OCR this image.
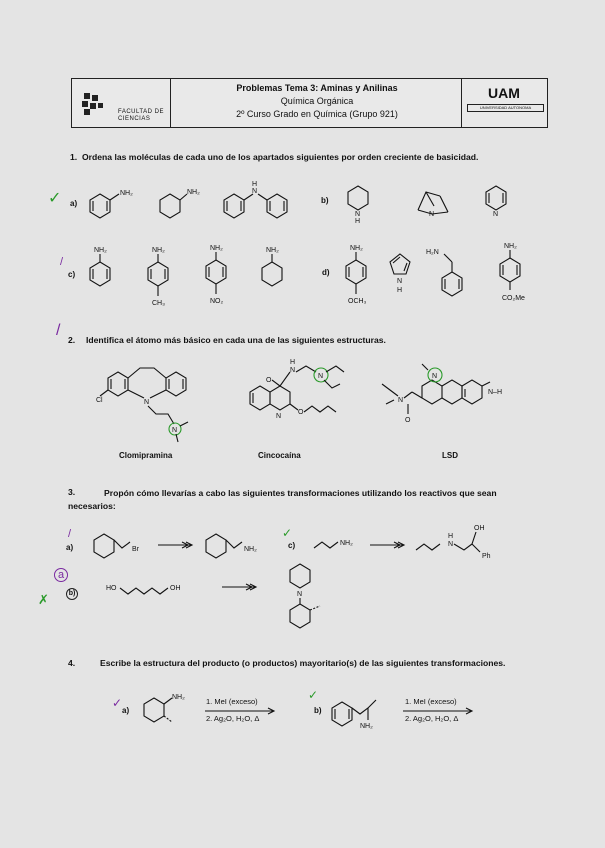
FACULTAD DE
CIENCIAS
Problemas Tema 3: Aminas y Anilinas
Química Orgánica
2º Curso Grado en Química (Grupo 921)
UAM
UNIVERSIDAD AUTONOMA
1. Ordena las moléculas de cada uno de los apartados siguientes por orden creciente de basicidad.
✓ a)	b)
c)	d)
/
NH₂	NH₂
H
N
N
H
N	N
NH₂	NH₂
CH₃
NH₂
NO₂
NH₂	NH₂
OCH₃
N
H
H₂N
NH₂
CO₂Me
/
2. Identifica el átomo más básico en cada una de las siguientes estructuras.
Cl	N
N
Clomipramina
H
N
O
N
N
O
Cincocaína
N
O
N
N–H
LSD
3.	Propón cómo llevarías a cabo las siguientes transformaciones utilizando los reactivos que sean necesarios:
/
a)	Br	NH₂
✓
c)	NH₂
H
N
OH
Ph
a
b)
✗
HO	OH
N
4.	Escribe la estructura del producto (o productos) mayoritario(s) de las siguientes transformaciones.
✓
a)
NH₂	1. MeI (exceso)
2. Ag₂O, H₂O, Δ
✓
b)
NH₂
1. MeI (exceso)
2. Ag₂O, H₂O, Δ
